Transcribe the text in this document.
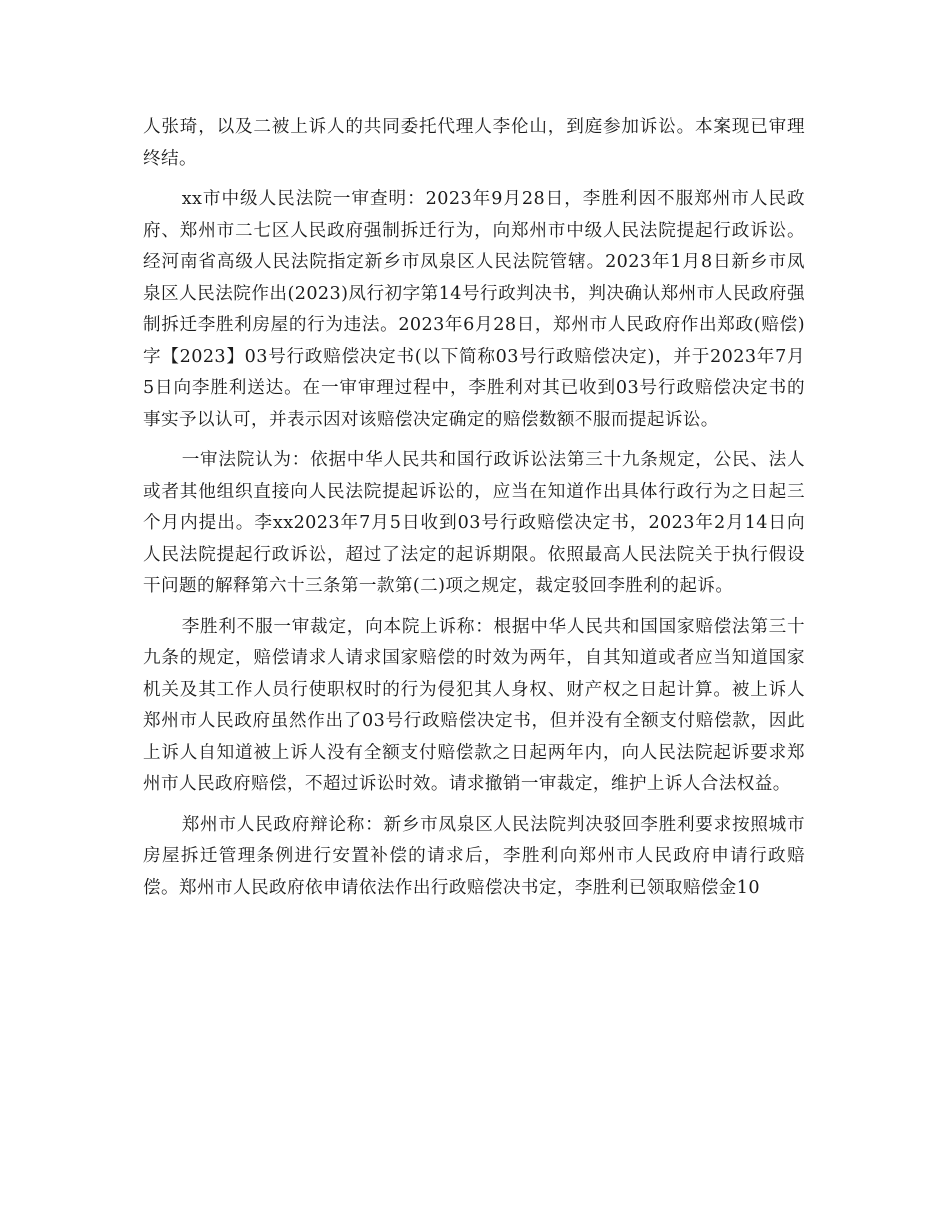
人张琦，以及二被上诉人的共同委托代理人李伦山，到庭参加诉讼。本案现已审理终结。

xx市中级人民法院一审查明：2023年9月28日，李胜利因不服郑州市人民政府、郑州市二七区人民政府强制拆迁行为，向郑州市中级人民法院提起行政诉讼。经河南省高级人民法院指定新乡市凤泉区人民法院管辖。2023年1月8日新乡市凤泉区人民法院作出(2023)凤行初字第14号行政判决书，判决确认郑州市人民政府强制拆迁李胜利房屋的行为违法。2023年6月28日，郑州市人民政府作出郑政(赔偿)字【2023】03号行政赔偿决定书(以下简称03号行政赔偿决定)，并于2023年7月5日向李胜利送达。在一审审理过程中，李胜利对其已收到03号行政赔偿决定书的事实予以认可，并表示因对该赔偿决定确定的赔偿数额不服而提起诉讼。

一审法院认为：依据中华人民共和国行政诉讼法第三十九条规定，公民、法人或者其他组织直接向人民法院提起诉讼的，应当在知道作出具体行政行为之日起三个月内提出。李xx2023年7月5日收到03号行政赔偿决定书，2023年2月14日向人民法院提起行政诉讼，超过了法定的起诉期限。依照最高人民法院关于执行假设干问题的解释第六十三条第一款第(二)项之规定，裁定驳回李胜利的起诉。

李胜利不服一审裁定，向本院上诉称：根据中华人民共和国国家赔偿法第三十九条的规定，赔偿请求人请求国家赔偿的时效为两年，自其知道或者应当知道国家机关及其工作人员行使职权时的行为侵犯其人身权、财产权之日起计算。被上诉人郑州市人民政府虽然作出了03号行政赔偿决定书，但并没有全额支付赔偿款，因此上诉人自知道被上诉人没有全额支付赔偿款之日起两年内，向人民法院起诉要求郑州市人民政府赔偿，不超过诉讼时效。请求撤销一审裁定，维护上诉人合法权益。

郑州市人民政府辩论称：新乡市凤泉区人民法院判决驳回李胜利要求按照城市房屋拆迁管理条例进行安置补偿的请求后，李胜利向郑州市人民政府申请行政赔偿。郑州市人民政府依申请依法作出行政赔偿决书定，李胜利已领取赔偿金10
